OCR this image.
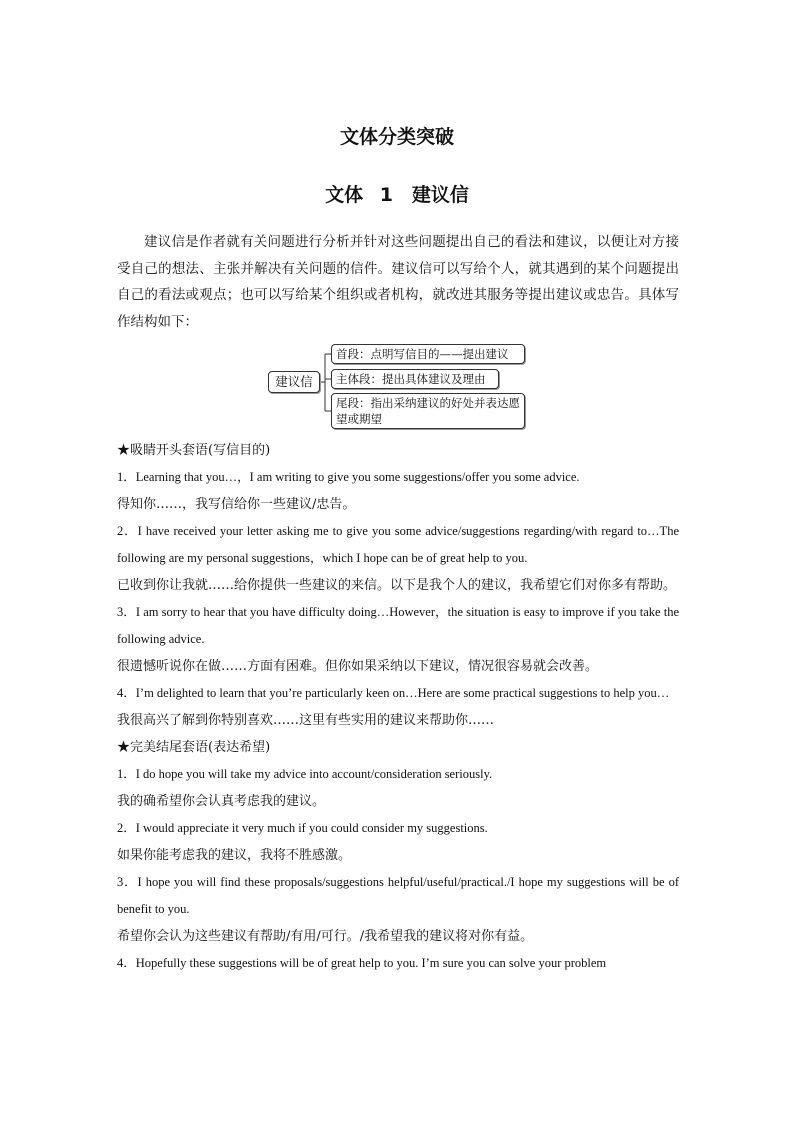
文体分类突破
文体 1　建议信
建议信是作者就有关问题进行分析并针对这些问题提出自己的看法和建议，以便让对方接受自己的想法、主张并解决有关问题的信件。建议信可以写给个人，就其遇到的某个问题提出自己的看法或观点；也可以写给某个组织或者机构，就改进其服务等提出建议或忠告。具体写作结构如下：
建议信
首段：点明写信目的——提出建议
主体段：提出具体建议及理由
尾段：指出采纳建议的好处并表达愿望或期望
★吸睛开头套语(写信目的)
1．Learning that you…，I am writing to give you some suggestions/offer you some advice.
得知你……，我写信给你一些建议/忠告。
2．I have received your letter asking me to give you some advice/suggestions regarding/with regard to…The following are my personal suggestions，which I hope can be of great help to you.
已收到你让我就……给你提供一些建议的来信。以下是我个人的建议，我希望它们对你多有帮助。
3．I am sorry to hear that you have difficulty doing…However，the situation is easy to improve if you take the following advice.
很遗憾听说你在做……方面有困难。但你如果采纳以下建议，情况很容易就会改善。
4．I’m delighted to learn that you’re particularly keen on…Here are some practical suggestions to help you…
我很高兴了解到你特别喜欢……这里有些实用的建议来帮助你……
★完美结尾套语(表达希望)
1．I do hope you will take my advice into account/consideration seriously.
我的确希望你会认真考虑我的建议。
2．I would appreciate it very much if you could consider my suggestions.
如果你能考虑我的建议，我将不胜感激。
3．I hope you will find these proposals/suggestions helpful/useful/practical./I hope my suggestions will be of benefit to you.
希望你会认为这些建议有帮助/有用/可行。/我希望我的建议将对你有益。
4．Hopefully these suggestions will be of great help to you. I’m sure you can solve your problem
